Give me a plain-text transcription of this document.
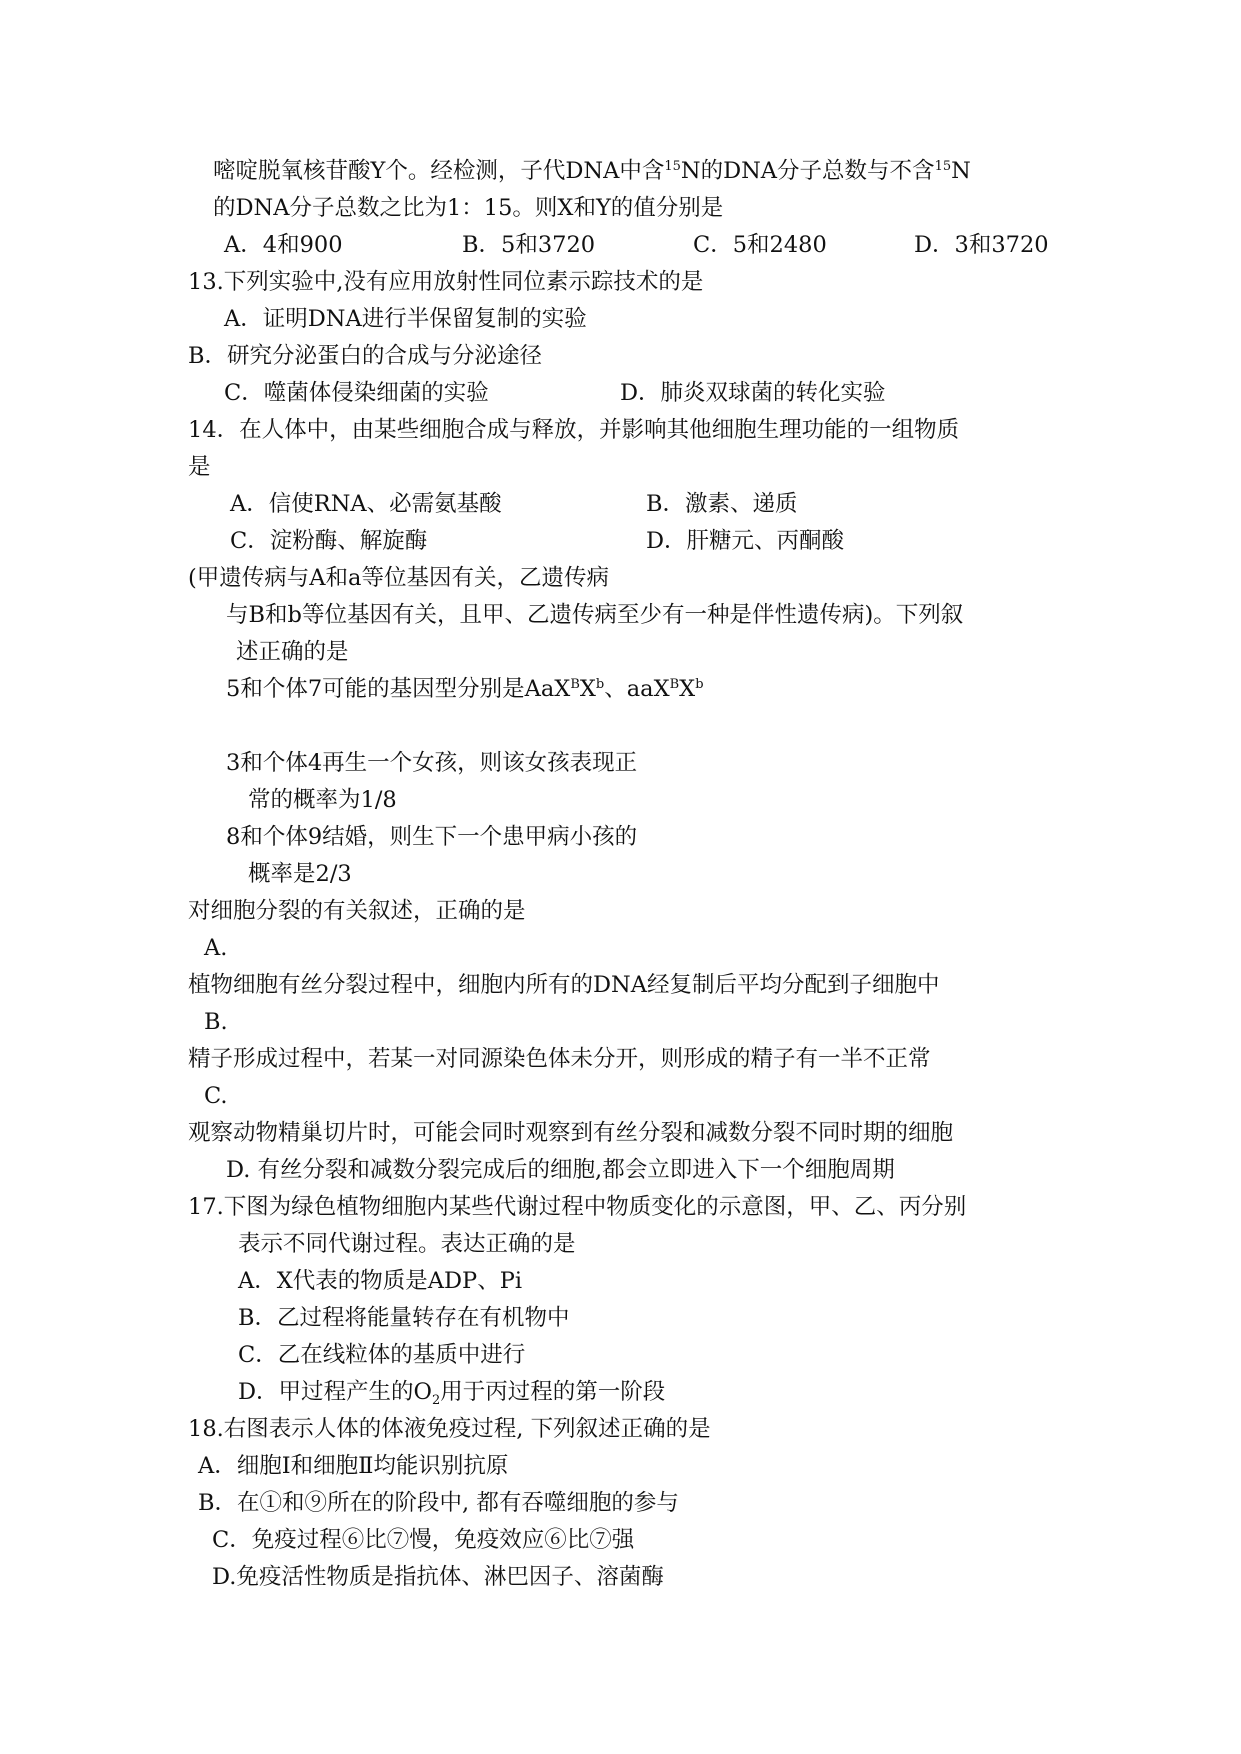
嘧啶脱氧核苷酸Y个。经检测，子代DNA中含$^{15}$N的DNA分子总数与不含$^{15}$N
的DNA分子总数之比为1：15。则X和Y的值分别是
A．4和900	B．5和3720	C．5和2480	D．3和3720
13.下列实验中,没有应用放射性同位素示踪技术的是
A．证明DNA进行半保留复制的实验
B．研究分泌蛋白的合成与分泌途径
C．噬菌体侵染细菌的实验	D．肺炎双球菌的转化实验
14．在人体中，由某些细胞合成与释放，并影响其他细胞生理功能的一组物质
是
A．信使RNA、必需氨基酸	B．激素、递质
C．淀粉酶、解旋酶	D．肝糖元、丙酮酸
(甲遗传病与A和a等位基因有关，乙遗传病
与B和b等位基因有关，且甲、乙遗传病至少有一种是伴性遗传病)。下列叙
述正确的是
5和个体7可能的基因型分别是$AaX^BX^b$、$aaX^BX^b$
3和个体4再生一个女孩，则该女孩表现正
常的概率为1/8
8和个体9结婚，则生下一个患甲病小孩的
概率是2/3
对细胞分裂的有关叙述，正确的是
A.
植物细胞有丝分裂过程中，细胞内所有的DNA经复制后平均分配到子细胞中
B.
精子形成过程中，若某一对同源染色体未分开，则形成的精子有一半不正常
C.
观察动物精巢切片时，可能会同时观察到有丝分裂和减数分裂不同时期的细胞
D. 有丝分裂和减数分裂完成后的细胞,都会立即进入下一个细胞周期
17.下图为绿色植物细胞内某些代谢过程中物质变化的示意图，甲、乙、丙分别
表示不同代谢过程。表达正确的是
A．X代表的物质是ADP、Pi
B．乙过程将能量转存在有机物中
C．乙在线粒体的基质中进行
D．甲过程产生的$O_2$用于丙过程的第一阶段
18.右图表示人体的体液免疫过程, 下列叙述正确的是
A．细胞I和细胞Ⅱ均能识别抗原
B．在①和⑨所在的阶段中, 都有吞噬细胞的参与
C．免疫过程⑥比⑦慢，免疫效应⑥比⑦强
D.免疫活性物质是指抗体、淋巴因子、溶菌酶
